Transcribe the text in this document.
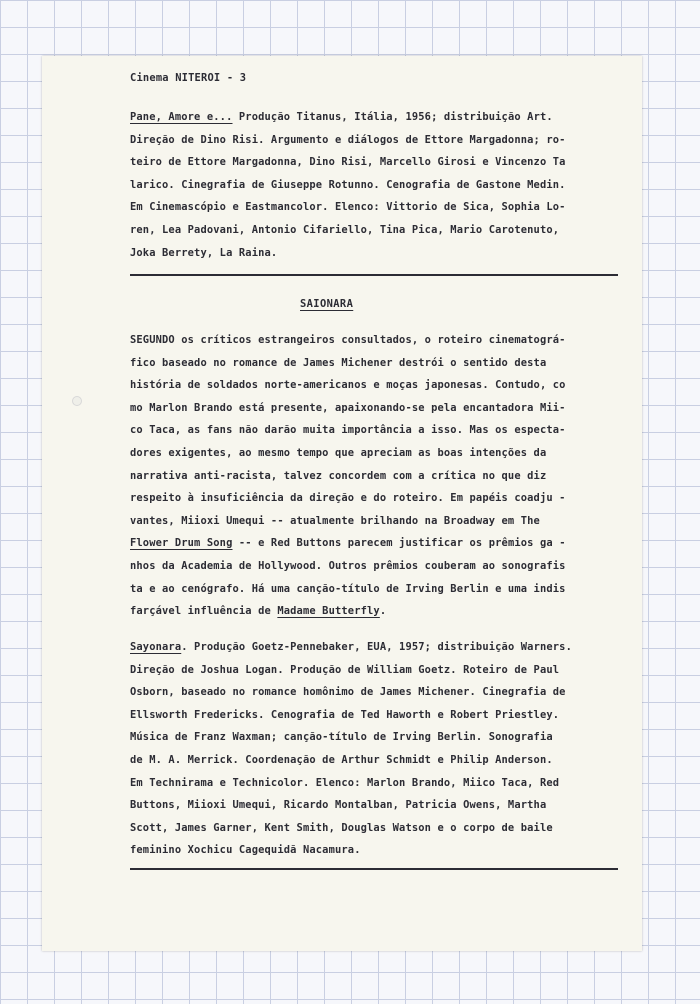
Cinema NITEROI - 3
Pane, Amore e... Produção Titanus, Itália, 1956; distribuição Art.
Direção de Dino Risi. Argumento e diálogos de Ettore Margadonna; ro-
teiro de Ettore Margadonna, Dino Risi, Marcello Girosi e Vincenzo Ta
larico. Cinegrafia de Giuseppe Rotunno. Cenografia de Gastone Medin.
Em Cinemascópio e Eastmancolor. Elenco: Vittorio de Sica, Sophia Lo-
ren, Lea Padovani, Antonio Cifariello, Tina Pica, Mario Carotenuto,
Joka Berrety, La Raina.
SAIONARA
SEGUNDO os críticos estrangeiros consultados, o roteiro cinematográ-
fico baseado no romance de James Michener destrói o sentido desta
história de soldados norte-americanos e moças japonesas. Contudo, co
mo Marlon Brando está presente, apaixonando-se pela encantadora Mii-
co Taca, as fans não darão muita importância a isso. Mas os especta-
dores exigentes, ao mesmo tempo que apreciam as boas intenções da
narrativa anti-racista, talvez concordem com a crítica no que diz
respeito à insuficiência da direção e do roteiro. Em papéis coadju -
vantes, Miioxi Umequi -- atualmente brilhando na Broadway em The
Flower Drum Song -- e Red Buttons parecem justificar os prêmios ga -
nhos da Academia de Hollywood. Outros prêmios couberam ao sonografis
ta e ao cenógrafo. Há uma canção-título de Irving Berlin e uma indis
farçável influência de Madame Butterfly.
Sayonara. Produção Goetz-Pennebaker, EUA, 1957; distribuição Warners.
Direção de Joshua Logan. Produção de William Goetz. Roteiro de Paul
Osborn, baseado no romance homônimo de James Michener. Cinegrafia de
Ellsworth Fredericks. Cenografia de Ted Haworth e Robert Priestley.
Música de Franz Waxman; canção-título de Irving Berlin. Sonografia
de M. A. Merrick. Coordenação de Arthur Schmidt e Philip Anderson.
Em Technirama e Technicolor. Elenco: Marlon Brando, Miico Taca, Red
Buttons, Miioxi Umequi, Ricardo Montalban, Patricia Owens, Martha
Scott, James Garner, Kent Smith, Douglas Watson e o corpo de baile
feminino Xochicu Cagequidã Nacamura.
